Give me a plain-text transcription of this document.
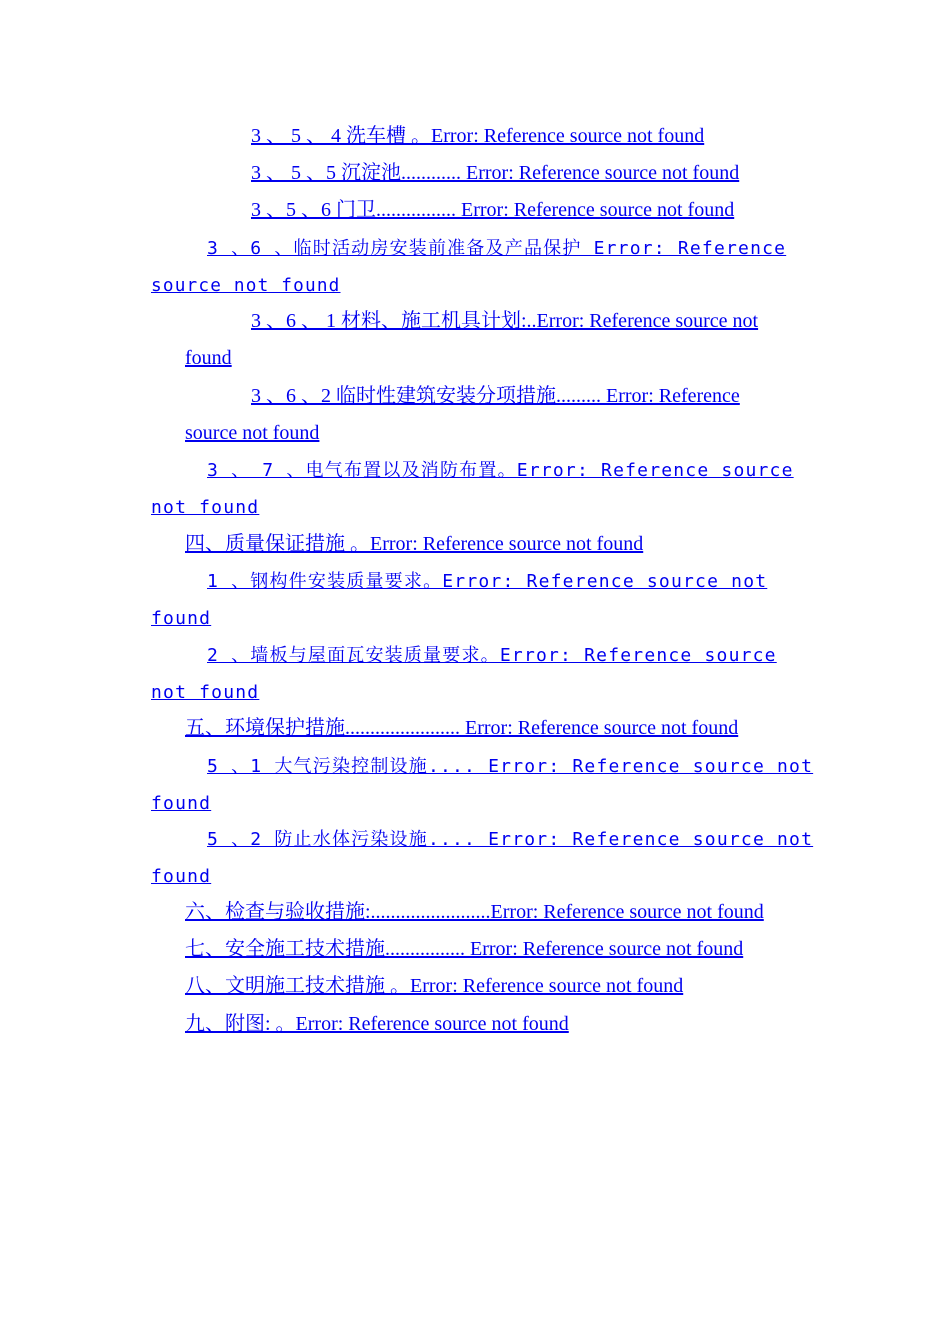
3 、 5 、 4 洗车槽 。Error: Reference source not found
3 、 5 、5 沉淀池............ Error: Reference source not found
3 、5 、6 门卫................ Error: Reference source not found
3 、6 、临时活动房安装前准备及产品保护 Error: Reference
source not found
3 、6 、 1 材料、施工机具计划:..Error: Reference source not
found
3 、6 、2 临时性建筑安装分项措施......... Error: Reference
source not found
3 、 7 、电气布置以及消防布置。Error: Reference source
not found
四、质量保证措施 。Error: Reference source not found
1 、钢构件安装质量要求。Error: Reference source not
found
2 、墙板与屋面瓦安装质量要求。Error: Reference source
not found
五、环境保护措施....................... Error: Reference source not found
5 、1 大气污染控制设施.... Error: Reference source not
found
5 、2 防止水体污染设施.... Error: Reference source not
found
六、检查与验收措施:........................Error: Reference source not found
七、安全施工技术措施................ Error: Reference source not found
八、文明施工技术措施 。Error: Reference source not found
九、附图: 。Error: Reference source not found
